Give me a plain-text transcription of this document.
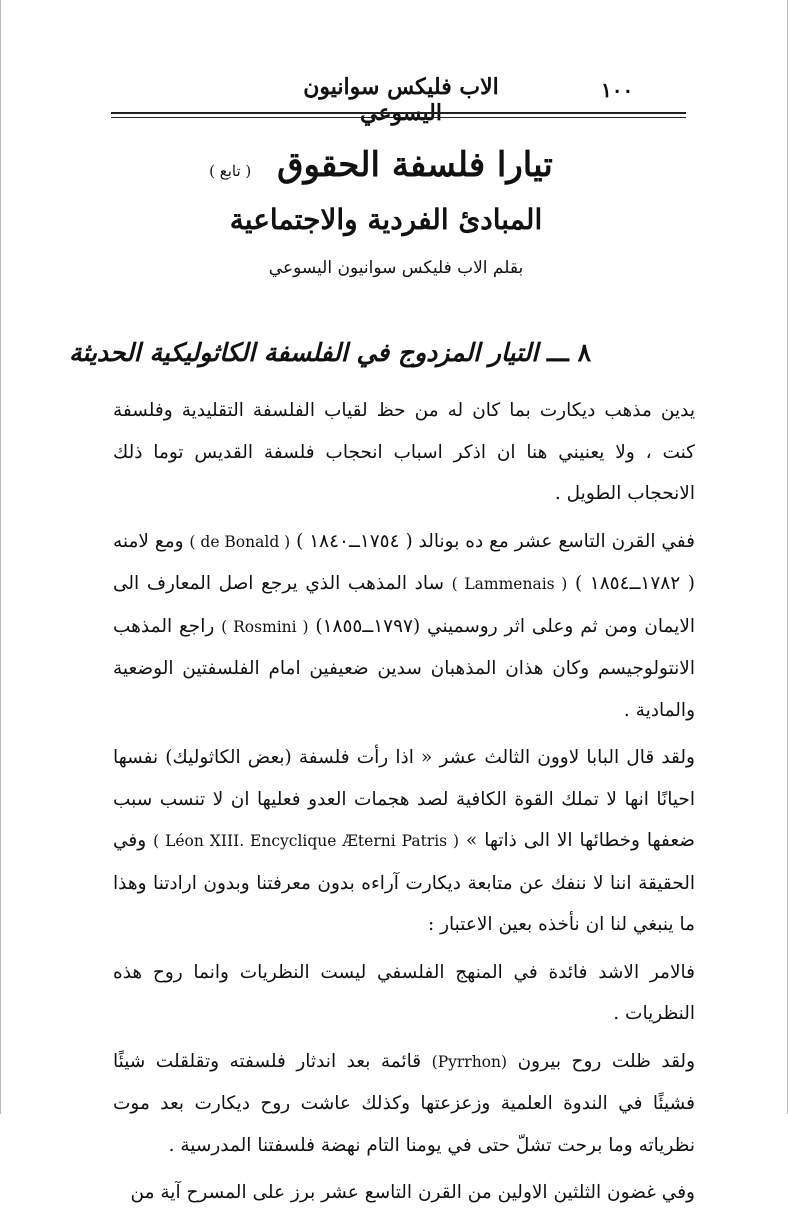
١٠٠
الاب فليكس سوانيون اليسوعي
تيارا فلسفة الحقوق ( تابع )
المبادئ الفردية والاجتماعية
بقلم الاب فليكس سوانيون اليسوعي
٨ ـــ التيار المزدوج في الفلسفة الكاثوليكية الحديثة

يدين مذهب ديكارت بما كان له من حظ لقياب الفلسفة التقليدية وفلسفة كنت ، ولا يعنيني هنا ان اذكر اسباب انحجاب فلسفة القديس توما ذلك الانحجاب الطويل .

ففي القرن التاسع عشر مع ده بونالد ( ١٧٥٤ــ١٨٤٠ ) ( de Bonald ) ومع لامنه ( ١٧٨٢ــ١٨٥٤ ) ( Lammenais ) ساد المذهب الذي يرجع اصل المعارف الى الايمان ومن ثم وعلى اثر روسميني (١٧٩٧ــ١٨٥٥) ( Rosmini ) راجع المذهب الانتولوجيسم وكان هذان المذهبان سدين ضعيفين امام الفلسفتين الوضعية والمادية .

ولقد قال البابا لاوون الثالث عشر « اذا رأت فلسفة (بعض الكاثوليك) نفسها احيانًا انها لا تملك القوة الكافية لصد هجمات العدو فعليها ان لا تنسب سبب ضعفها وخطائها الا الى ذاتها » ( Léon XIII. Encyclique Æterni Patris ) وفي الحقيقة اننا لا ننفك عن متابعة ديكارت آراءه بدون معرفتنا وبدون ارادتنا وهذا ما ينبغي لنا ان نأخذه بعين الاعتبار :

فالامر الاشد فائدة في المنهج الفلسفي ليست النظريات وانما روح هذه النظريات .

ولقد ظلت روح بيرون (Pyrrhon) قائمة بعد اندثار فلسفته وتقلقلت شيئًا فشيئًا في الندوة العلمية وزعزعتها وكذلك عاشت روح ديكارت بعد موت نظرياته وما برحت تشلّ حتى في يومنا التام نهضة فلسفتنا المدرسية .

وفي غضون الثلثين الاولين من القرن التاسع عشر برز على المسرح آية من
